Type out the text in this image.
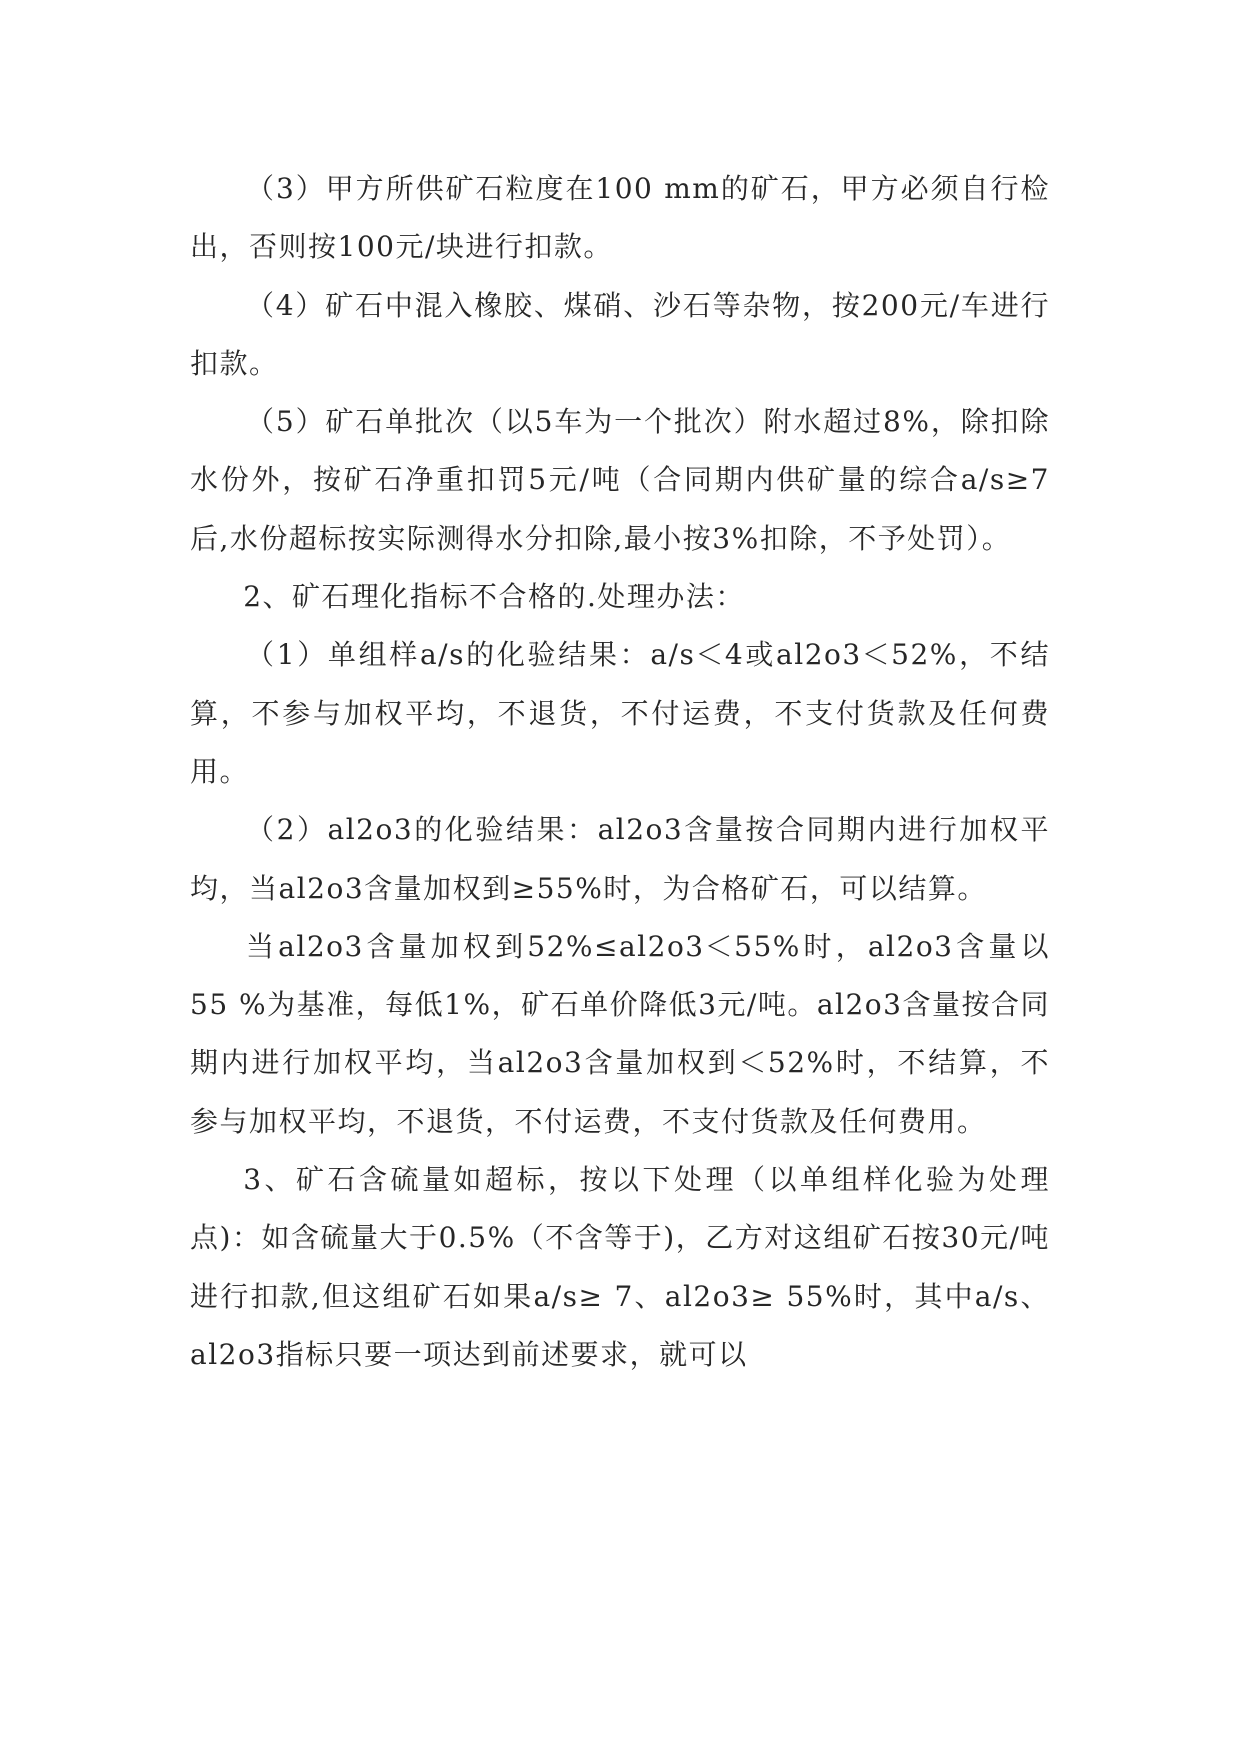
（3）甲方所供矿石粒度在100 mm的矿石，甲方必须自行检出，否则按100元/块进行扣款。

（4）矿石中混入橡胶、煤硝、沙石等杂物，按200元/车进行扣款。

（5）矿石单批次（以5车为一个批次）附水超过8%，除扣除水份外，按矿石净重扣罚5元/吨（合同期内供矿量的综合a/s≥7后,水份超标按实际测得水分扣除,最小按3%扣除，不予处罚）。

2、矿石理化指标不合格的.处理办法：

（1）单组样a/s的化验结果：a/s＜4或al2o3＜52%，不结算，不参与加权平均，不退货，不付运费，不支付货款及任何费用。

（2）al2o3的化验结果：al2o3含量按合同期内进行加权平均，当al2o3含量加权到≥55%时，为合格矿石，可以结算。

当al2o3含量加权到52%≤al2o3＜55%时，al2o3含量以55 %为基准，每低1%，矿石单价降低3元/吨。al2o3含量按合同期内进行加权平均，当al2o3含量加权到＜52%时，不结算，不参与加权平均，不退货，不付运费，不支付货款及任何费用。

3、矿石含硫量如超标，按以下处理（以单组样化验为处理点)：如含硫量大于0.5%（不含等于)，乙方对这组矿石按30元/吨进行扣款,但这组矿石如果a/s≥ 7、al2o3≥ 55%时，其中a/s、al2o3指标只要一项达到前述要求，就可以
